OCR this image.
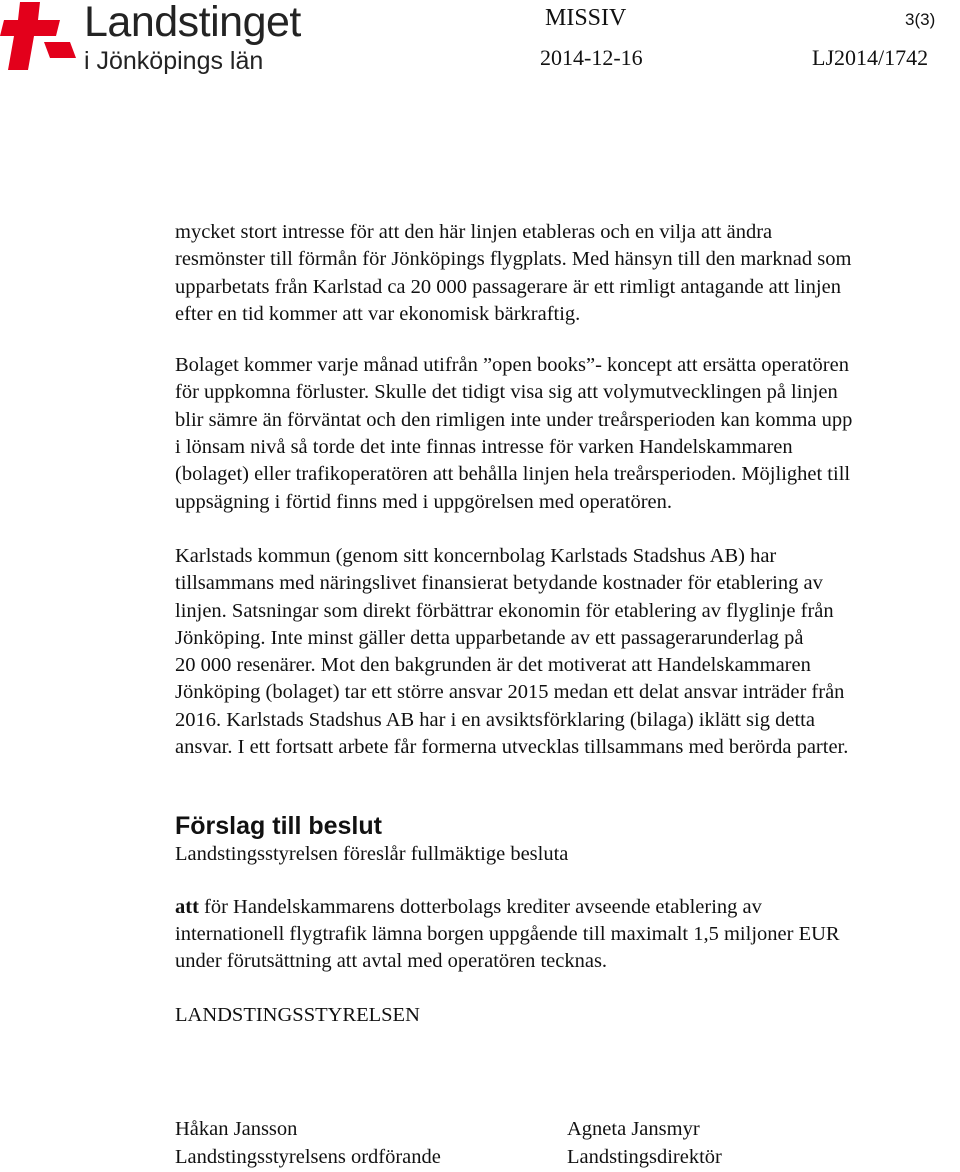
Landstinget
i Jönköpings län
MISSIV	3(3)
2014-12-16	LJ2014/1742

mycket stort intresse för att den här linjen etableras och en vilja att ändra
resmönster till förmån för Jönköpings flygplats. Med hänsyn till den marknad som
upparbetats från Karlstad ca 20 000 passagerare är ett rimligt antagande att linjen
efter en tid kommer att var ekonomisk bärkraftig.

Bolaget kommer varje månad utifrån ”open books”- koncept att ersätta operatören
för uppkomna förluster. Skulle det tidigt visa sig att volymutvecklingen på linjen
blir sämre än förväntat och den rimligen inte under treårsperioden kan komma upp
i lönsam nivå så torde det inte finnas intresse för varken Handelskammaren
(bolaget) eller trafikoperatören att behålla linjen hela treårsperioden. Möjlighet till
uppsägning i förtid finns med i uppgörelsen med operatören.

Karlstads kommun (genom sitt koncernbolag Karlstads Stadshus AB) har
tillsammans med näringslivet finansierat betydande kostnader för etablering av
linjen. Satsningar som direkt förbättrar ekonomin för etablering av flyglinje från
Jönköping. Inte minst gäller detta upparbetande av ett passagerarunderlag på
20 000 resenärer. Mot den bakgrunden är det motiverat att Handelskammaren
Jönköping (bolaget) tar ett större ansvar 2015 medan ett delat ansvar inträder från
2016. Karlstads Stadshus AB har i en avsiktsförklaring (bilaga) iklätt sig detta
ansvar. I ett fortsatt arbete får formerna utvecklas tillsammans med berörda parter.

Förslag till beslut

Landstingsstyrelsen föreslår fullmäktige besluta

att för Handelskammarens dotterbolags krediter avseende etablering av
internationell flygtrafik lämna borgen uppgående till maximalt 1,5 miljoner EUR
under förutsättning att avtal med operatören tecknas.

LANDSTINGSSTYRELSEN

Håkan Jansson
Landstingsstyrelsens ordförande
Agneta Jansmyr
Landstingsdirektör
